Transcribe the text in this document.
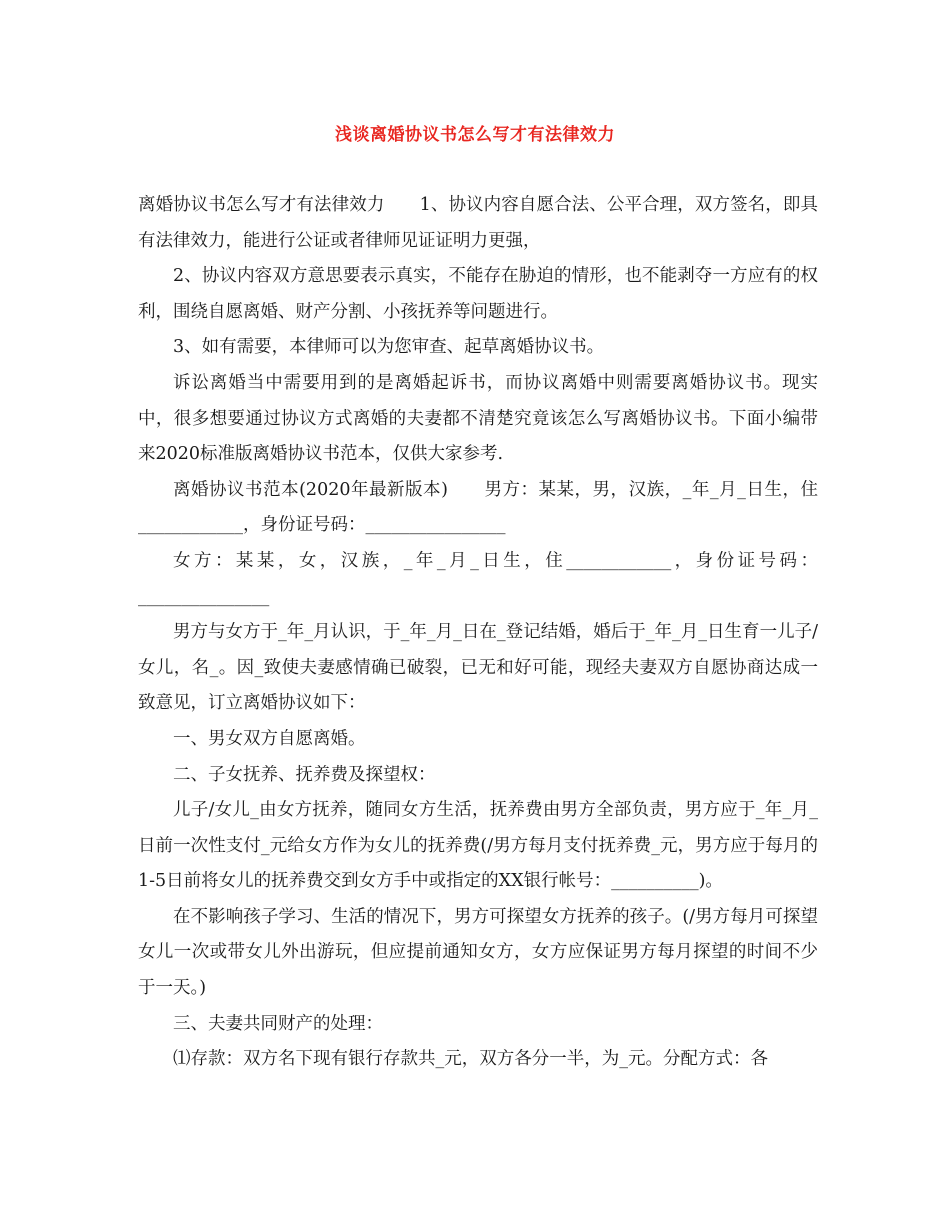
浅谈离婚协议书怎么写才有法律效力

离婚协议书怎么写才有法律效力　　1、协议内容自愿合法、公平合理，双方签名，即具有法律效力，能进行公证或者律师见证证明力更强，

2、协议内容双方意思要表示真实，不能存在胁迫的情形，也不能剥夺一方应有的权利，围绕自愿离婚、财产分割、小孩抚养等问题进行。

3、如有需要，本律师可以为您审查、起草离婚协议书。

诉讼离婚当中需要用到的是离婚起诉书，而协议离婚中则需要离婚协议书。现实中，很多想要通过协议方式离婚的夫妻都不清楚究竟该怎么写离婚协议书。下面小编带来2020标准版离婚协议书范本，仅供大家参考.

离婚协议书范本(2020年最新版本)　　男方：某某，男，汉族，_年_月_日生，住____________，身份证号码：________________

女方：某某，女，汉族，_年_月_日生，住____________，身份证号码：_______________

男方与女方于_年_月认识，于_年_月_日在_登记结婚，婚后于_年_月_日生育一儿子/女儿，名_。因_致使夫妻感情确已破裂，已无和好可能，现经夫妻双方自愿协商达成一致意见，订立离婚协议如下：

一、男女双方自愿离婚。

二、子女抚养、抚养费及探望权：

儿子/女儿_由女方抚养，随同女方生活，抚养费由男方全部负责，男方应于_年_月_日前一次性支付_元给女方作为女儿的抚养费(/男方每月支付抚养费_元，男方应于每月的1-5日前将女儿的抚养费交到女方手中或指定的XX银行帐号：__________)。

在不影响孩子学习、生活的情况下，男方可探望女方抚养的孩子。(/男方每月可探望女儿一次或带女儿外出游玩，但应提前通知女方，女方应保证男方每月探望的时间不少于一天。)

三、夫妻共同财产的处理：

⑴存款：双方名下现有银行存款共_元，双方各分一半，为_元。分配方式：各
